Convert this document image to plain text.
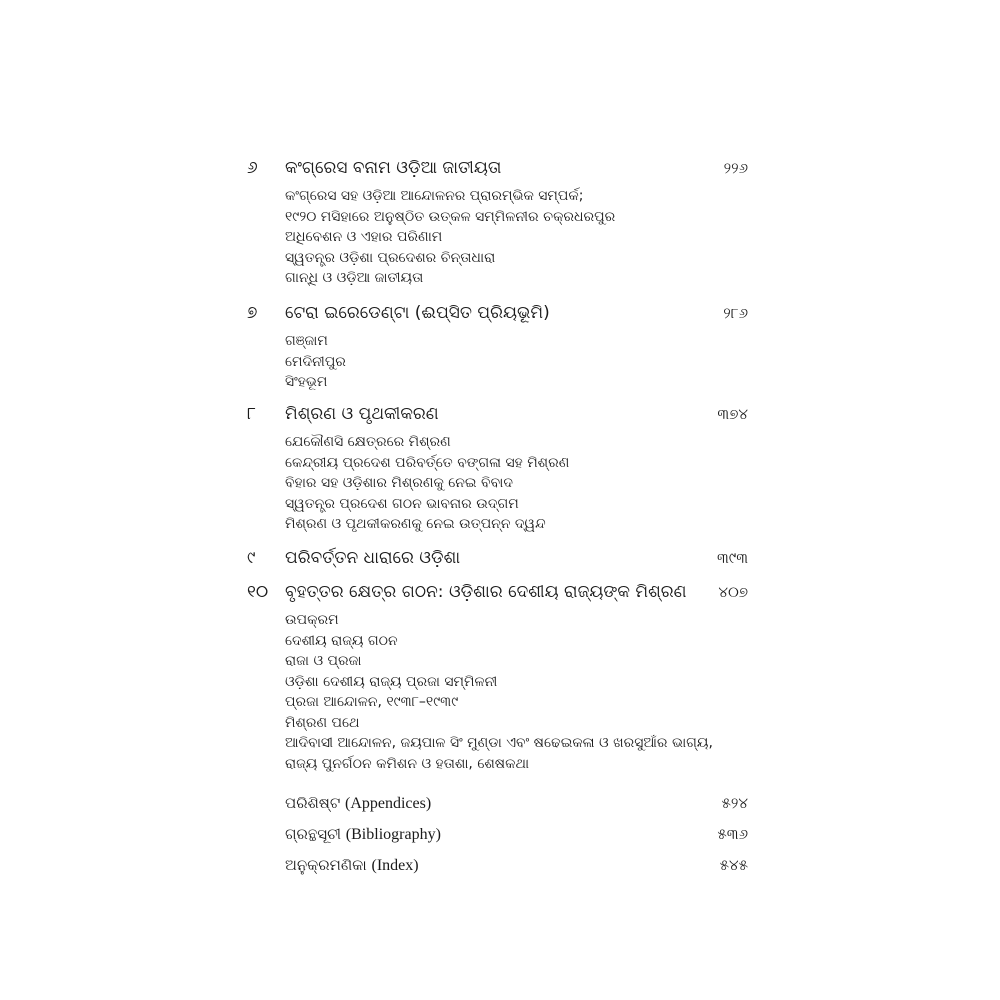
୬ କଂଗ୍ରେସ ବନାମ ଓଡ଼ିଆ ଜାତୀୟତା	୨୨୬
କଂଗ୍ରେସ ସହ ଓଡ଼ିଆ ଆନ୍ଦୋଳନର ପ୍ରାରମ୍ଭିକ ସମ୍ପର୍କ;
୧୯୨୦ ମସିହାରେ ଅନୁଷ୍ଠିତ ଉତ୍କଳ ସମ୍ମିଳନୀର ଚକ୍ରଧରପୁର
ଅଧିବେଶନ ଓ ଏହାର ପରିଣାମ
ସ୍ୱତନ୍ତ୍ର ଓଡ଼ିଶା ପ୍ରଦେଶର ଚିନ୍ତାଧାରା
ଗାନ୍ଧି ଓ ଓଡ଼ିଆ ଜାତୀୟତା
୭ ଟେରା ଇରେଡେଣ୍ଟା (ଈପ୍ସିତ ପ୍ରିୟଭୂମି)	୨୮୬
ଗଞ୍ଜାମ
ମେଦିନୀପୁର
ସିଂହଭୂମ
୮ ମିଶ୍ରଣ ଓ ପୃଥକୀକରଣ	୩୭୪
ଯେକୌଣସି କ୍ଷେତ୍ରରେ ମିଶ୍ରଣ
କେନ୍ଦ୍ରୀୟ ପ୍ରଦେଶ ପରିବର୍ତ୍ତେ ବଙ୍ଗଳା ସହ ମିଶ୍ରଣ
ବିହାର ସହ ଓଡ଼ିଶାର ମିଶ୍ରଣକୁ ନେଇ ବିବାଦ
ସ୍ୱତନ୍ତ୍ର ପ୍ରଦେଶ ଗଠନ ଭାବନାର ଉଦ୍‌ଗମ
ମିଶ୍ରଣ ଓ ପୃଥକୀକରଣକୁ ନେଇ ଉତ୍ପନ୍ନ ଦ୍ୱନ୍ଦ
୯ ପରିବର୍ତ୍ତନ ଧାରାରେ ଓଡ଼ିଶା	୩୯୩
୧୦ ବୃହତ୍ତର କ୍ଷେତ୍ର ଗଠନ: ଓଡ଼ିଶାର ଦେଶୀୟ ରାଜ୍ୟଙ୍କ ମିଶ୍ରଣ ୪୦୭
ଉପକ୍ରମ
ଦେଶୀୟ ରାଜ୍ୟ ଗଠନ
ରାଜା ଓ ପ୍ରଜା
ଓଡ଼ିଶା ଦେଶୀୟ ରାଜ୍ୟ ପ୍ରଜା ସମ୍ମିଳନୀ
ପ୍ରଜା ଆନ୍ଦୋଳନ, ୧୯୩୮–୧୯୩୯
ମିଶ୍ରଣ ପଥେ
ଆଦିବାସୀ ଆନ୍ଦୋଳନ, ଜୟପାଳ ସିଂ ମୁଣ୍ଡା ଏବଂ ଷଢେଇକଳା ଓ ଖରସୁଆଁର ଭାଗ୍ୟ,
ରାଜ୍ୟ ପୁନର୍ଗଠନ କମିଶନ ଓ ହତାଶା, ଶେଷକଥା
ପରିଶିଷ୍ଟ (Appendices)	୫୨୪
ଗ୍ରନ୍ଥସୂଚୀ (Bibliography)	୫୩୬
ଅନୁକ୍ରମଣିକା (Index)	୫୪୫
